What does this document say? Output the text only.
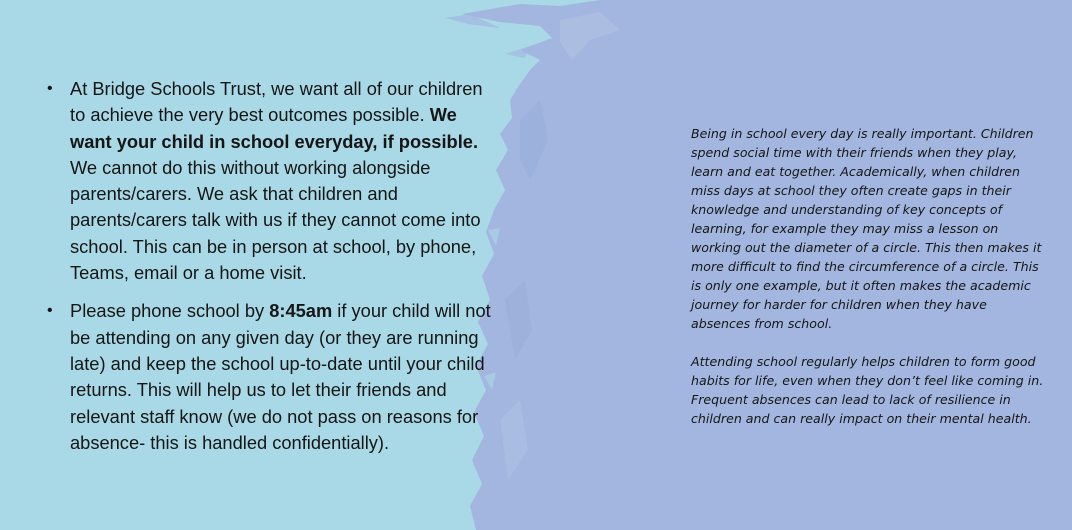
• At Bridge Schools Trust, we want all of our children to achieve the very best outcomes possible. We want your child in school everyday, if possible. We cannot do this without working alongside parents/carers. We ask that children and parents/carers talk with us if they cannot come into school. This can be in person at school, by phone, Teams, email or a home visit.
• Please phone school by 8:45am if your child will not be attending on any given day (or they are running late) and keep the school up-to-date until your child returns. This will help us to let their friends and relevant staff know (we do not pass on reasons for absence- this is handled confidentially).

Being in school every day is really important. Children spend social time with their friends when they play, learn and eat together. Academically, when children miss days at school they often create gaps in their knowledge and understanding of key concepts of learning, for example they may miss a lesson on working out the diameter of a circle. This then makes it more difficult to find the circumference of a circle. This is only one example, but it often makes the academic journey for harder for children when they have absences from school.

Attending school regularly helps children to form good habits for life, even when they don’t feel like coming in. Frequent absences can lead to lack of resilience in children and can really impact on their mental health.
